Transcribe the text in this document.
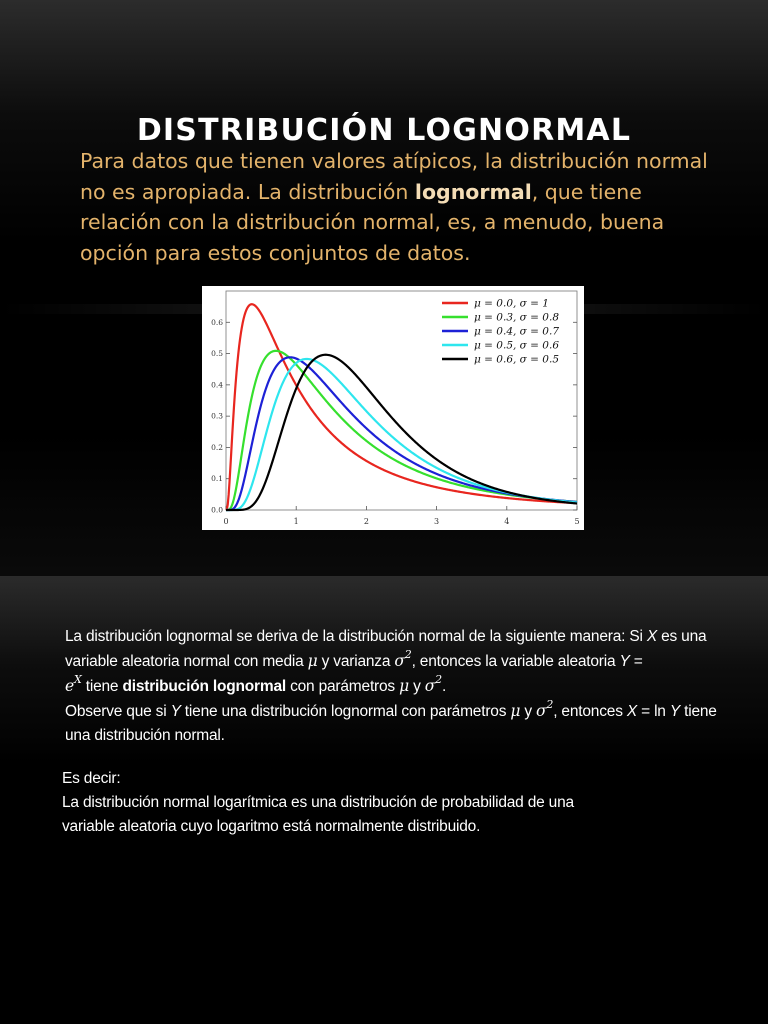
DISTRIBUCIÓN LOGNORMAL
Para datos que tienen valores atípicos, la distribución normal no es apropiada. La distribución lognormal, que tiene relación con la distribución normal, es, a menudo, buena opción para estos conjuntos de datos.
0.0
0.1
0.2
0.3
0.4
0.5
0.6
0	1	2	3	4	5
μ = 0.0, σ = 1
μ = 0.3, σ = 0.8
μ = 0.4, σ = 0.7
μ = 0.5, σ = 0.6
μ = 0.6, σ = 0.5
La distribución lognormal se deriva de la distribución normal de la siguiente manera: Si X es una variable aleatoria normal con media μ y varianza $\sigma^2$, entonces la variable aleatoria Y =
$e^X$ tiene distribución lognormal con parámetros μ y $\sigma^2$.
Observe que si Y tiene una distribución lognormal con parámetros μ y $\sigma^2$, entonces X = ln Y tiene una distribución normal.
Es decir:
La distribución normal logarítmica es una distribución de probabilidad de una variable aleatoria cuyo logaritmo está normalmente distribuido.
